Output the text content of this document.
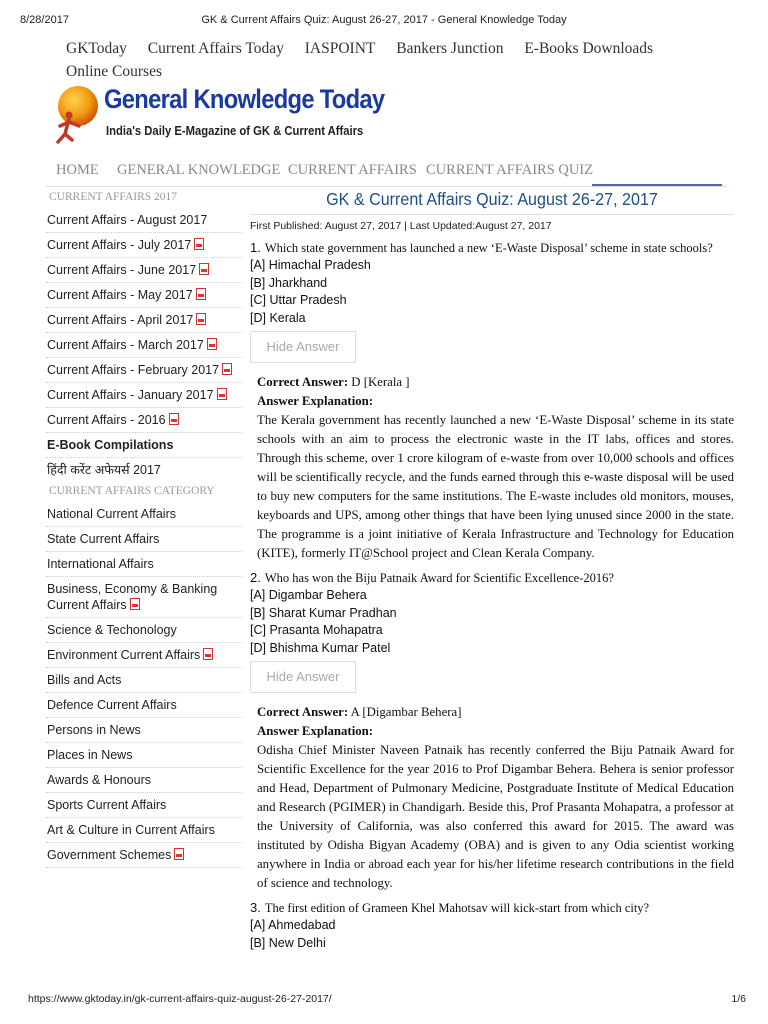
8/28/2017	GK & Current Affairs Quiz: August 26-27, 2017 - General Knowledge Today
GKToday Current Affairs Today IASPOINT Bankers Junction E-Books Downloads
Online Courses
General Knowledge Today
India's Daily E-Magazine of GK & Current Affairs
HOME GENERAL KNOWLEDGE CURRENT AFFAIRS CURRENT AFFAIRS QUIZ
CURRENT AFFAIRS 2017
Current Affairs - August 2017
Current Affairs - July 2017
Current Affairs - June 2017
Current Affairs - May 2017
Current Affairs - April 2017
Current Affairs - March 2017
Current Affairs - February 2017
Current Affairs - January 2017
Current Affairs - 2016
E-Book Compilations
हिंदी करेंट अफेयर्स 2017
CURRENT AFFAIRS CATEGORY
National Current Affairs
State Current Affairs
International Affairs
Business, Economy & Banking Current Affairs
Science & Techonology
Environment Current Affairs
Bills and Acts
Defence Current Affairs
Persons in News
Places in News
Awards & Honours
Sports Current Affairs
Art & Culture in Current Affairs
Government Schemes
GK & Current Affairs Quiz: August 26-27, 2017
First Published: August 27, 2017 | Last Updated:August 27, 2017
1. Which state government has launched a new ‘E-Waste Disposal’ scheme in state schools?
[A] Himachal Pradesh
[B] Jharkhand
[C] Uttar Pradesh
[D] Kerala
Hide Answer
Correct Answer: D [Kerala ]
Answer Explanation:
The Kerala government has recently launched a new ‘E-Waste Disposal’ scheme in its state schools with an aim to process the electronic waste in the IT labs, offices and stores. Through this scheme, over 1 crore kilogram of e-waste from over 10,000 schools and offices will be scientifically recycle, and the funds earned through this e-waste disposal will be used to buy new computers for the same institutions. The E-waste includes old monitors, mouses, keyboards and UPS, among other things that have been lying unused since 2000 in the state. The programme is a joint initiative of Kerala Infrastructure and Technology for Education (KITE), formerly IT@School project and Clean Kerala Company.
2. Who has won the Biju Patnaik Award for Scientific Excellence-2016?
[A] Digambar Behera
[B] Sharat Kumar Pradhan
[C] Prasanta Mohapatra
[D] Bhishma Kumar Patel
Hide Answer
Correct Answer: A [Digambar Behera]
Answer Explanation:
Odisha Chief Minister Naveen Patnaik has recently conferred the Biju Patnaik Award for Scientific Excellence for the year 2016 to Prof Digambar Behera. Behera is senior professor and Head, Department of Pulmonary Medicine, Postgraduate Institute of Medical Education and Research (PGIMER) in Chandigarh. Beside this, Prof Prasanta Mohapatra, a professor at the University of California, was also conferred this award for 2015. The award was instituted by Odisha Bigyan Academy (OBA) and is given to any Odia scientist working anywhere in India or abroad each year for his/her lifetime research contributions in the field of science and technology.
3. The first edition of Grameen Khel Mahotsav will kick-start from which city?
[A] Ahmedabad
[B] New Delhi
https://www.gktoday.in/gk-current-affairs-quiz-august-26-27-2017/	1/6
